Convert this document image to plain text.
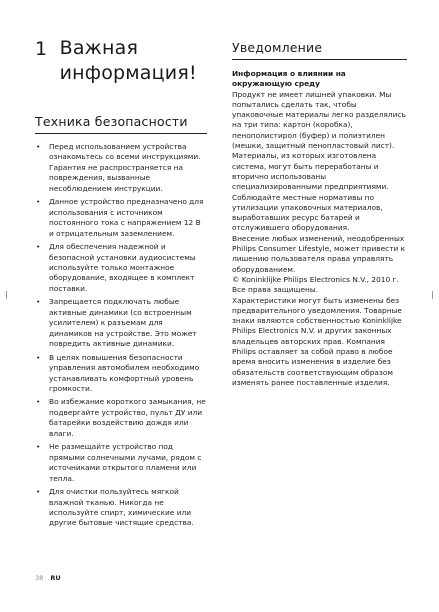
1 Важная информация!
Техника безопасности
• Перед использованием устройства ознакомьтесь со всеми инструкциями. Гарантия не распространяется на повреждения, вызванные несоблюдением инструкции.
• Данное устройство предназначено для использования с источником постоянного тока с напряжением 12 В и отрицательным заземлением.
• Для обеспечения надежной и безопасной установки аудиосистемы используйте только монтажное оборудование, входящее в комплект поставки.
• Запрещается подключать любые активные динамики (со встроенным усилителем) к разъемам для динамиков на устройстве. Это может повредить активные динамики.
• В целях повышения безопасности управления автомобилем необходимо устанавливать комфортный уровень громкости.
• Во избежание короткого замыкания, не подвергайте устройство, пульт ДУ или батарейки воздействию дождя или влаги.
• Не размещайте устройство под прямыми солнечными лучами, рядом с источниками открытого пламени или тепла.
• Для очистки пользуйтесь мягкой влажной тканью. Никогда не используйте спирт, химические или другие бытовые чистящие средства.
Уведомление
Информация о влиянии на окружающую среду

Продукт не имеет лишней упаковки. Мы попытались сделать так, чтобы упаковочные материалы легко разделялись на три типа: картон (коробка), пенополистирол (буфер) и полиэтилен (мешки, защитный пенопластовый лист).

Материалы, из которых изготовлена система, могут быть переработаны и вторично использованы специализированными предприятиями. Соблюдайте местные нормативы по утилизации упаковочных материалов, выработавших ресурс батарей и отслужившего оборудования.

Внесение любых изменений, неодобренных Philips Consumer Lifestyle, может привести к лишению пользователя права управлять оборудованием.

© Koninklijke Philips Electronics N.V., 2010 г. Все права защищены.

Характеристики могут быть изменены без предварительного уведомления. Товарные знаки являются собственностью Koninklijke Philips Electronics N.V. и других законных владельцев авторских прав. Компания Philips оставляет за собой право в любое время вносить изменения в изделие без обязательств соответствующим образом изменять ранее поставленные изделия.

38 RU
